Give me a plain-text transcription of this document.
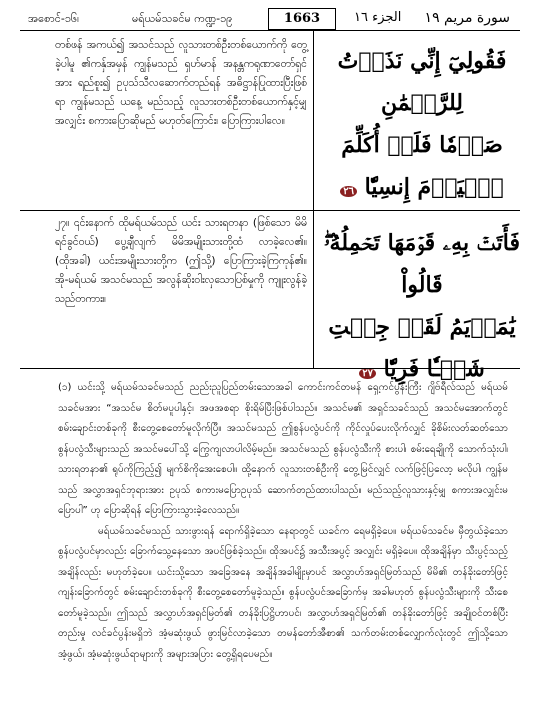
အစောင်-၁၆၊	မရ်ယမ်သခင်မ ကဏ္ဍ-၁၉	1663	الجزء ١٦ سورة مريم ١٩
တစ်ဖန် အကယ်၍ အသင်သည် လူသားတစ်ဦးတစ်ယောက်ကို တွေ့ခဲ့ပါမူ ၏ကနှ်အမှန် ကျွန်မသည် ရှဟ်မာန် အနန္တကရုဏာတော်ရှင်အား ရည်စူး၍ ဥပုသ်သီလဆောက်တည်ရန် အဓိဋ္ဌာန်ပြုထားပြီးဖြစ်ရာ ကျွန်မသည် ယနေ့ မည်သည့် လူသားတစ်ဦးတစ်ယောက်နှင့်မျှ အလျှင်း စကားပြောဆိုမည် မဟုတ်ကြောင်း၊ ပြောကြားပါလေ။
فَقُولِيٓ إِنِّي نَذَرۡتُ لِلرَّحۡمَٰنِ
صَوۡمٗا فَلَنۡ أُكَلِّمَ ٱلۡيَوۡمَ إِنسِيّٗا ٢٦
၂၇။ ၎င်းနောက် ထိုမရ်ယမ်သည် ယင်း သားရတနာ (ဖြစ်သော မိမိရင်ခွင်ဝယ်) ပွေ့ချီလျက် မိမိအမျိုးသားတို့ထံ လာခဲ့လေ၏။ (ထိုအခါ) ယင်းအမျိုးသားတို့က (ဤသို့) ပြောကြားခဲ့ကြကုန်၏။ အို-မရ်ယမ် အသင်မသည် အလွန်ဆိုးဝါးလှသောပြစ်မှုကို ကျူးလွန်ခဲ့သည်တကား။
فَأَتَتۡ بِهِۦ قَوۡمَهَا تَحۡمِلُهُۥۖ قَالُواْ
يَٰمَرۡيَمُ لَقَدۡ جِئۡتِ شَيۡـٔٗا فَرِيّٗا ٢٧

(၁) ယင်းသို့ မရ်ယမ်သခင်မသည် ညည်းညူပြည်တမ်းသောအခါ ကောင်းကင်တမန် ရှေ့ကင်ပွန်းကြီး ဂျိဗ်ရီလ်သည် မရ်ယမ်သခင်မအား “အသင်မ စိတ်မပူပါနှင့်၊ အဖအစရာ စိုးရိမ်ပြီးဖြစ်ပါသည်။ အသင်မ၏ အရှင်သခင်သည် အသင်မအောက်တွင် စမ်းချောင်းတစ်ခုကို စီးတွေ့စေတော်မူလိုက်ပြီ။ အသင်မသည် ဤစွန်ပလွံပင်ကို ကိုင်လှုပ်ပေးလိုက်လျှင် ခိုစိမ်းလတ်ဆတ်သော စွန်ပလွံသီးများသည် အသင်မပေါ်သို့ ကြွေကျလာပါလိမ့်မည်။ အသင်မသည် စွန်ပလွံသီးကို စားပါ၊ စမ်းရေချိုကို သောက်သုံးပါ၊ သားရတနာ၏ ရုပ်ကိုကြည့်၍ မျက်စိကိုအေးစေပါ။ ထို့နောက် လူသားတစ်ဦးကို တွေ့မြင်လျှင် လက်ဖြင့်ပြလော့ မလိုပါ၊ ကျွန်မသည် အလွှာအရှင်ဘုရားအား ဥပုသ် စကားမပြောဥပုသ် ဆောက်တည်ထားပါသည်။ မည်သည့်လူသားနှင့်မျှ စကားအလျှင်းမပြောပါ” ဟု ပြောဆိုရန် ပြောကြားသွားခဲ့လေသည်။

မရ်ယမ်သခင်မသည် သားဖွားရန် ရောက်ရှိခဲ့သော နေရာတွင် ယခင်က ရေမရှိခဲ့ပေ။ မရ်ယမ်သခင်မ မှီတွယ်ခဲ့သော စွန်ပလွံပင်မှာလည်း ခြောက်သွေ့နေသော အပင်ဖြစ်ခဲ့သည်။ ထိုအပင်၌ အသီးအပွင့် အလျှင်း မရှိခဲ့ပေ။ ထိုအချိန်မှာ သီးပွင့်သည့်အချိန်လည်း မဟုတ်ခဲ့ပေ။ ယင်းသို့သော အခြေအနေ အချိန်အခါမျိုးမှာပင် အလွှာဟ်အရှင်မြတ်သည် မိမိ၏ တန်ခိုးတော်ဖြင့် ကျန်းခြောက်တွင် စမ်းချောင်းတစ်ခုကို စီးတွေ့စေတော်မူခဲ့သည်။ စွန်ပလွံပင်အခြောက်မှ အခါမဟုတ် စွန်ပလွံသီးများကို သီးစေတော်မူခဲ့သည်။ ဤသည် အလွှာဟ်အရှင်မြတ်၏ တန်ခိုးပြဋ္ဌိဟာပင်၊ အလွှာဟ်အရှင်မြတ်၏ တန်ခိုးတော်ဖြင့် အချိုဝင်တစ်ပြီးတည်းမှု လင်ခင်ပွန်းမရှိဘဲ အံ့မဆုံးဖွယ် ဖွားမြင်လာခဲ့သော တမန်တော်အီစာ၏ သက်တမ်းတစ်လျှောက်လုံးတွင် ဤသို့သော အံ့ဖွယ်၊ အံ့မဆုံးဖွယ်ရာများကို အများအပြား တွေ့ရှိရပေမည်။
